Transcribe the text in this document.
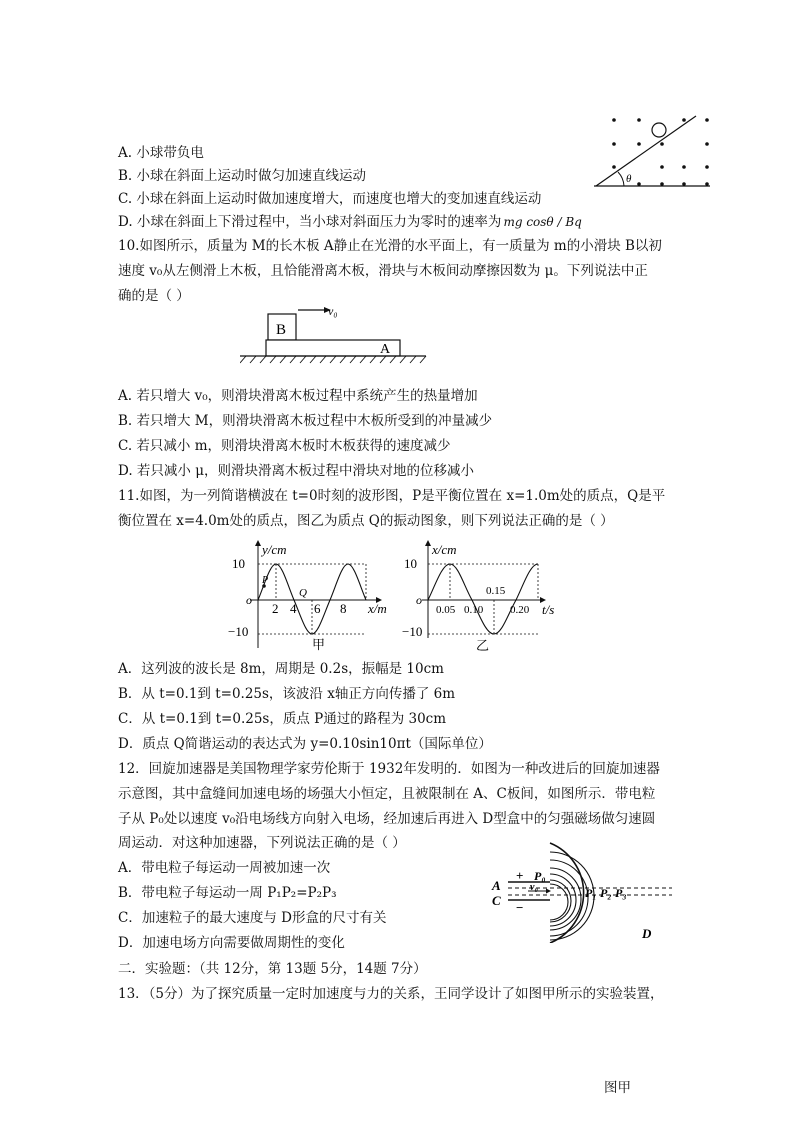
θ
A. 小球带负电
B. 小球在斜面上运动时做匀加速直线运动
C. 小球在斜面上运动时做加速度增大，而速度也增大的变加速直线运动
D. 小球在斜面上下滑过程中，当小球对斜面压力为零时的速率为 mg cosθ / Bq
10.如图所示，质量为 M的长木板 A静止在光滑的水平面上，有一质量为 m的小滑块 B以初
速度 v₀从左侧滑上木板，且恰能滑离木板，滑块与木板间动摩擦因数为 μ。下列说法中正
确的是（ ）
B
v₀
A
A. 若只增大 v₀，则滑块滑离木板过程中系统产生的热量增加
B. 若只增大 M，则滑块滑离木板过程中木板所受到的冲量减少
C. 若只减小 m，则滑块滑离木板时木板获得的速度减少
D. 若只减小 μ，则滑块滑离木板过程中滑块对地的位移减小
11.如图，为一列简谐横波在 t=0时刻的波形图，P是平衡位置在 x=1.0m处的质点，Q是平
衡位置在 x=4.0m处的质点，图乙为质点 Q的振动图象，则下列说法正确的是（ ）
y/cm
x/m
o
10
−10
P
Q
2 4 6 8
甲
x/cm
t/s
o
10
−10
0.05 0.10
0.15
0.20
乙
A．这列波的波长是 8m，周期是 0.2s，振幅是 10cm
B．从 t=0.1到 t=0.25s，该波沿 x轴正方向传播了 6m
C．从 t=0.1到 t=0.25s，质点 P通过的路程为 30cm
D．质点 Q简谐运动的表达式为 y=0.10sin10πt（国际单位）
12．回旋加速器是美国物理学家劳伦斯于 1932年发明的．如图为一种改进后的回旋加速器
示意图，其中盒缝间加速电场的场强大小恒定，且被限制在 A、C板间，如图所示．带电粒
子从 P₀处以速度 v₀沿电场线方向射入电场，经加速后再进入 D型盒中的匀强磁场做匀速圆
周运动．对这种加速器，下列说法正确的是（ ）
A．带电粒子每运动一周被加速一次
B．带电粒子每运动一周 P₁P₂=P₂P₃
C．加速粒子的最大速度与 D形盒的尺寸有关
D．加速电场方向需要做周期性的变化
A
C
+
−
P₀
v₀	P₁ P₂ P₃
D
二．实验题：（共 12分，第 13题 5分，14题 7分）
13．（5分）为了探究质量一定时加速度与力的关系，王同学设计了如图甲所示的实验装置，
图甲
